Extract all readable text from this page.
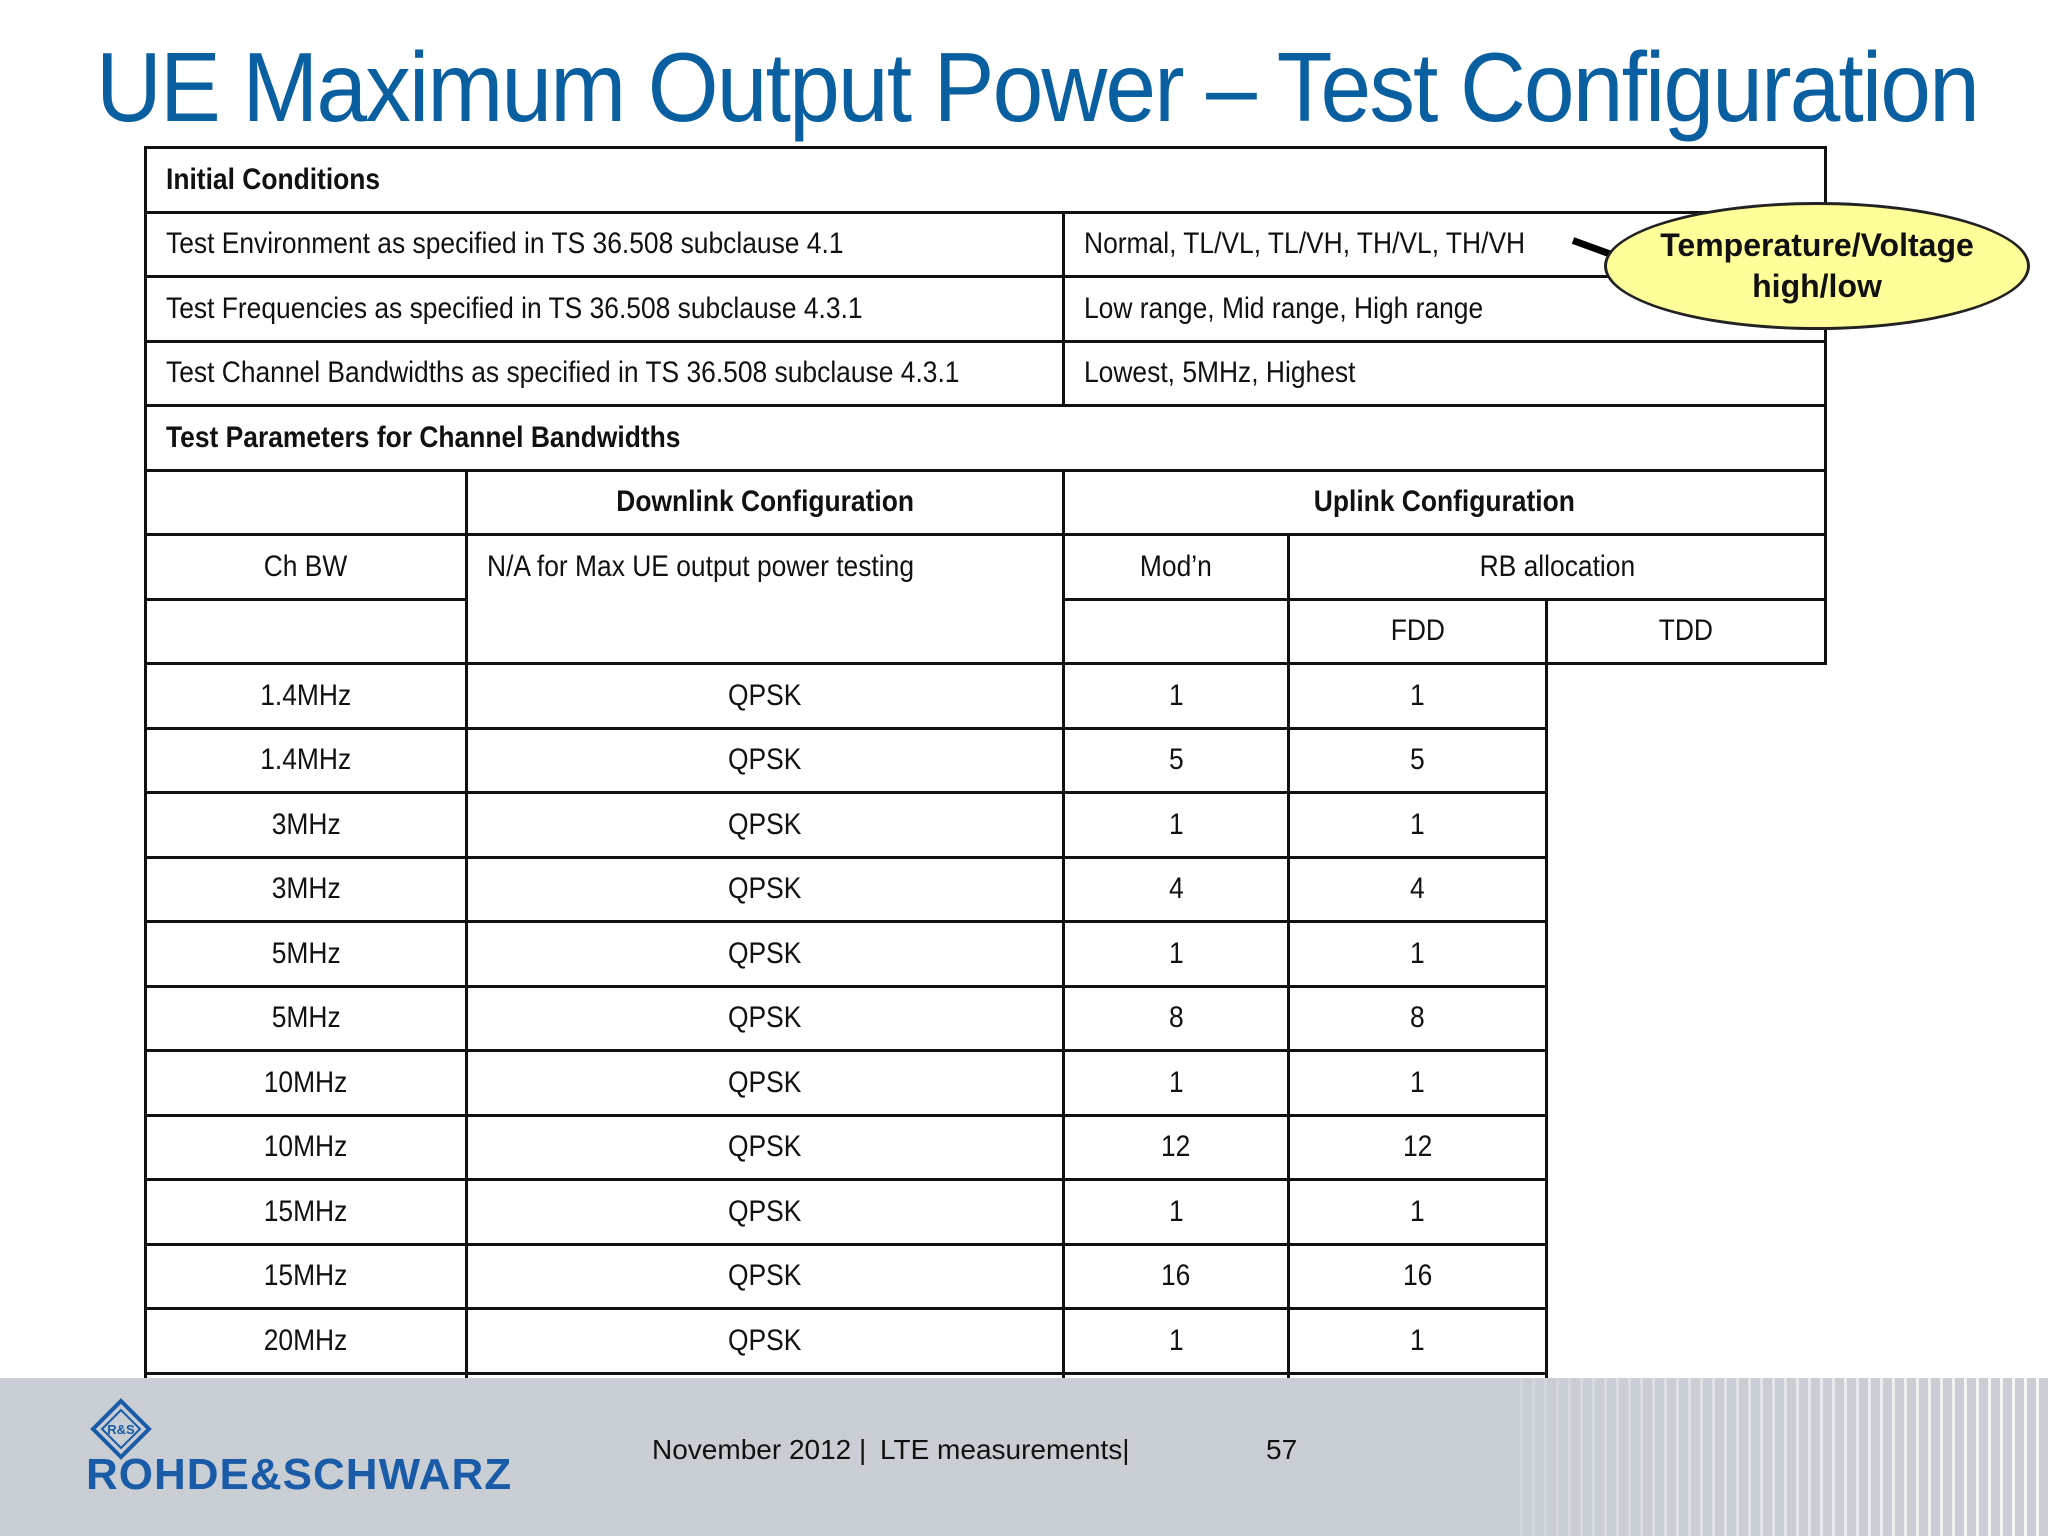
UE Maximum Output Power – Test Configuration
Initial Conditions				
Test Environment as specified in TS 36.508 subclause 4.1		Normal, TL/VL, TL/VH, TH/VL, TH/VH		
Test Frequencies as specified in TS 36.508 subclause 4.3.1		Low range, Mid range, High range		
Test Channel Bandwidths as specified in TS 36.508 subclause 4.3.1		Lowest, 5MHz, Highest		
Test Parameters for Channel Bandwidths				
	Downlink Configuration	Uplink Configuration		
Ch BW	N/A for Max UE output power testing	Mod’n	RB allocation	
			FDD	TDD
1.4MHz	QPSK	1	1	
1.4MHz	QPSK	5	5	
3MHz	QPSK	1	1	
3MHz	QPSK	4	4	
5MHz	QPSK	1	1	
5MHz	QPSK	8	8	
10MHz	QPSK	1	1	
10MHz	QPSK	12	12	
15MHz	QPSK	1	1	
15MHz	QPSK	16	16	
20MHz	QPSK	1	1	

Temperature/Voltage
high/low
R&S
ROHDE&SCHWARZ
November 2012 | LTE measurements|	57
